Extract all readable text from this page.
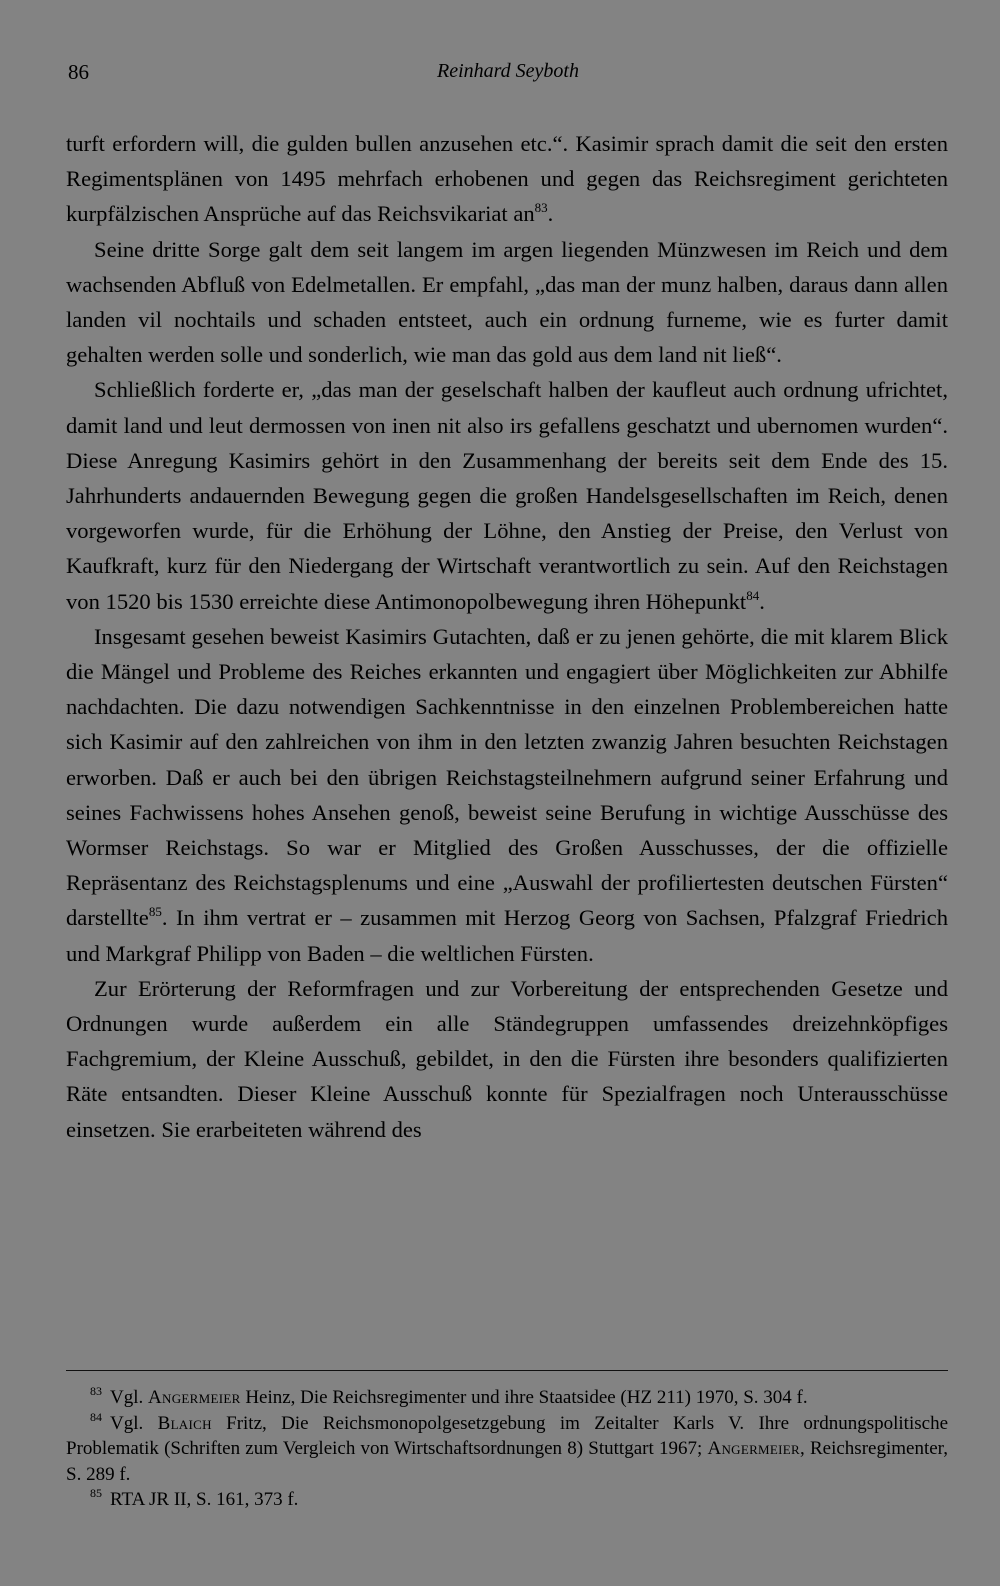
86	Reinhard Seyboth

turft erfordern will, die gulden bullen anzusehen etc.“. Kasimir sprach damit die seit den ersten Regimentsplänen von 1495 mehrfach erhobenen und gegen das Reichsregiment gerichteten kurpfälzischen Ansprüche auf das Reichsvikariat an$^{83}$.

Seine dritte Sorge galt dem seit langem im argen liegenden Münzwesen im Reich und dem wachsenden Abfluß von Edelmetallen. Er empfahl, „das man der munz halben, daraus dann allen landen vil nochtails und schaden entsteet, auch ein ordnung furneme, wie es furter damit gehalten werden solle und sonderlich, wie man das gold aus dem land nit ließ“.

Schließlich forderte er, „das man der geselschaft halben der kaufleut auch ordnung ufrichtet, damit land und leut dermossen von inen nit also irs gefallens geschatzt und ubernomen wurden“. Diese Anregung Kasimirs gehört in den Zusammenhang der bereits seit dem Ende des 15. Jahrhunderts andauernden Bewegung gegen die großen Handelsgesellschaften im Reich, denen vorgeworfen wurde, für die Erhöhung der Löhne, den Anstieg der Preise, den Verlust von Kaufkraft, kurz für den Niedergang der Wirtschaft verantwortlich zu sein. Auf den Reichstagen von 1520 bis 1530 erreichte diese Antimonopolbewegung ihren Höhepunkt$^{84}$.

Insgesamt gesehen beweist Kasimirs Gutachten, daß er zu jenen gehörte, die mit klarem Blick die Mängel und Probleme des Reiches erkannten und engagiert über Möglichkeiten zur Abhilfe nachdachten. Die dazu notwendigen Sachkenntnisse in den einzelnen Problembereichen hatte sich Kasimir auf den zahlreichen von ihm in den letzten zwanzig Jahren besuchten Reichstagen erworben. Daß er auch bei den übrigen Reichstagsteilnehmern aufgrund seiner Erfahrung und seines Fachwissens hohes Ansehen genoß, beweist seine Berufung in wichtige Ausschüsse des Wormser Reichstags. So war er Mitglied des Großen Ausschusses, der die offizielle Repräsentanz des Reichstagsplenums und eine „Auswahl der profiliertesten deutschen Fürsten“ darstellte$^{85}$. In ihm vertrat er – zusammen mit Herzog Georg von Sachsen, Pfalzgraf Friedrich und Markgraf Philipp von Baden – die weltlichen Fürsten.

Zur Erörterung der Reformfragen und zur Vorbereitung der entsprechenden Gesetze und Ordnungen wurde außerdem ein alle Ständegruppen umfassendes dreizehnköpfiges Fachgremium, der Kleine Ausschuß, gebildet, in den die Fürsten ihre besonders qualifizierten Räte entsandten. Dieser Kleine Ausschuß konnte für Spezialfragen noch Unterausschüsse einsetzen. Sie erarbeiteten während des

$^{83}$ Vgl. Angermeier Heinz, Die Reichsregimenter und ihre Staatsidee (HZ 211) 1970, S. 304 f.

$^{84}$ Vgl. Blaich Fritz, Die Reichsmonopolgesetzgebung im Zeitalter Karls V. Ihre ordnungspolitische Problematik (Schriften zum Vergleich von Wirtschaftsordnungen 8) Stuttgart 1967; Angermeier, Reichsregimenter, S. 289 f.

$^{85}$ RTA JR II, S. 161, 373 f.
